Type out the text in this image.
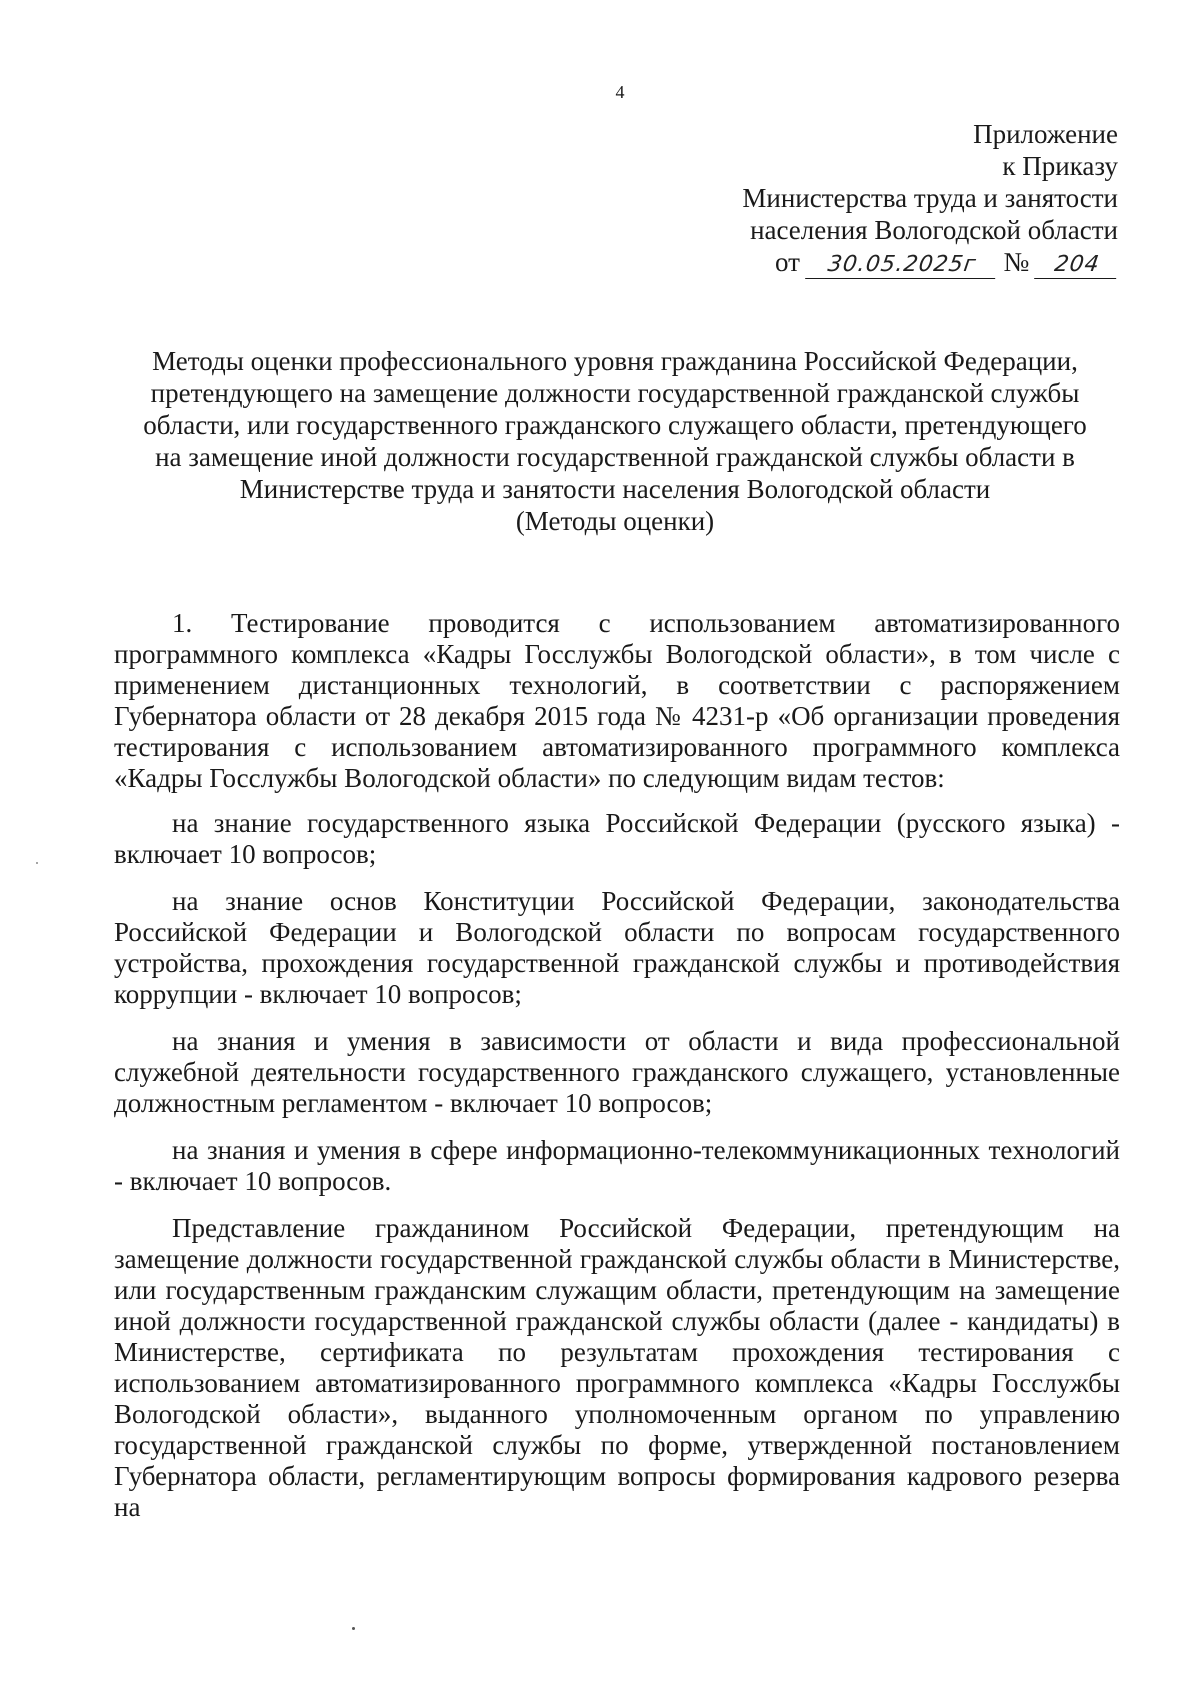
4
Приложение
к Приказу
Министерства труда и занятости
населения Вологодской области
от 30.05.2025г № 204
Методы оценки профессионального уровня гражданина Российской Федерации,
претендующего на замещение должности государственной гражданской службы
области, или государственного гражданского служащего области, претендующего
на замещение иной должности государственной гражданской службы области в
Министерстве труда и занятости населения Вологодской области
(Методы оценки)

1. Тестирование проводится с использованием автоматизированного программного комплекса «Кадры Госслужбы Вологодской области», в том числе с применением дистанционных технологий, в соответствии с распоряжением Губернатора области от 28 декабря 2015 года № 4231-р «Об организации проведения тестирования с использованием автоматизированного программного комплекса «Кадры Госслужбы Вологодской области» по следующим видам тестов:

на знание государственного языка Российской Федерации (русского языка) - включает 10 вопросов;

на знание основ Конституции Российской Федерации, законодательства Российской Федерации и Вологодской области по вопросам государственного устройства, прохождения государственной гражданской службы и противодействия коррупции - включает 10 вопросов;

на знания и умения в зависимости от области и вида профессиональной служебной деятельности государственного гражданского служащего, установленные должностным регламентом - включает 10 вопросов;

на знания и умения в сфере информационно-телекоммуникационных технологий - включает 10 вопросов.

Представление гражданином Российской Федерации, претендующим на замещение должности государственной гражданской службы области в Министерстве, или государственным гражданским служащим области, претендующим на замещение иной должности государственной гражданской службы области (далее - кандидаты) в Министерстве, сертификата по результатам прохождения тестирования с использованием автоматизированного программного комплекса «Кадры Госслужбы Вологодской области», выданного уполномоченным органом по управлению государственной гражданской службы по форме, утвержденной постановлением Губернатора области, регламентирующим вопросы формирования кадрового резерва на
